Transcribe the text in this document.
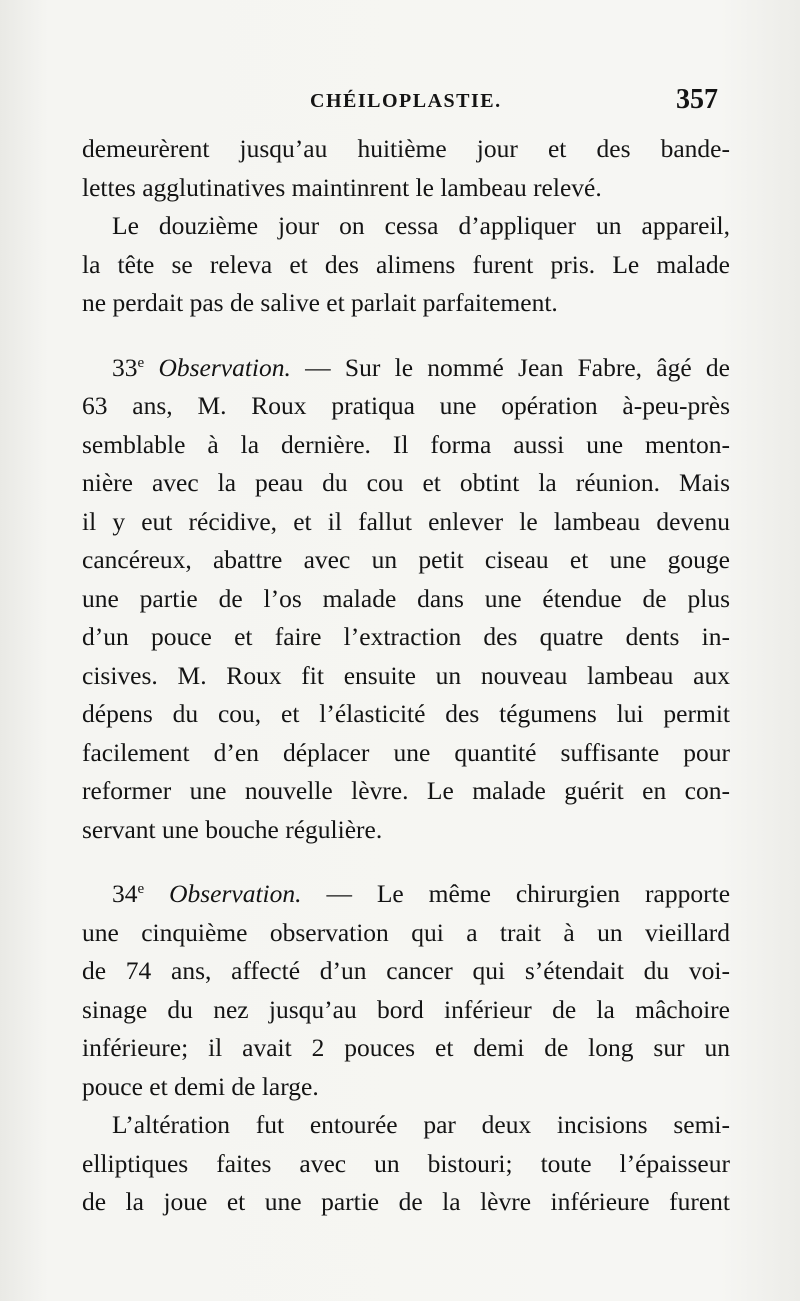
CHÉILOPLASTIE.	357
demeurèrent jusqu’au huitième jour et des bande-
lettes agglutinatives maintinrent le lambeau relevé.
Le douzième jour on cessa d’appliquer un appareil,
la tête se releva et des alimens furent pris. Le malade
ne perdait pas de salive et parlait parfaitement.
33e Observation. — Sur le nommé Jean Fabre, âgé de
63 ans, M. Roux pratiqua une opération à-peu-près
semblable à la dernière. Il forma aussi une menton-
nière avec la peau du cou et obtint la réunion. Mais
il y eut récidive, et il fallut enlever le lambeau devenu
cancéreux, abattre avec un petit ciseau et une gouge
une partie de l’os malade dans une étendue de plus
d’un pouce et faire l’extraction des quatre dents in-
cisives. M. Roux fit ensuite un nouveau lambeau aux
dépens du cou, et l’élasticité des tégumens lui permit
facilement d’en déplacer une quantité suffisante pour
reformer une nouvelle lèvre. Le malade guérit en con-
servant une bouche régulière.
34e Observation. — Le même chirurgien rapporte
une cinquième observation qui a trait à un vieillard
de 74 ans, affecté d’un cancer qui s’étendait du voi-
sinage du nez jusqu’au bord inférieur de la mâchoire
inférieure; il avait 2 pouces et demi de long sur un
pouce et demi de large.
L’altération fut entourée par deux incisions semi-
elliptiques faites avec un bistouri; toute l’épaisseur
de la joue et une partie de la lèvre inférieure furent
